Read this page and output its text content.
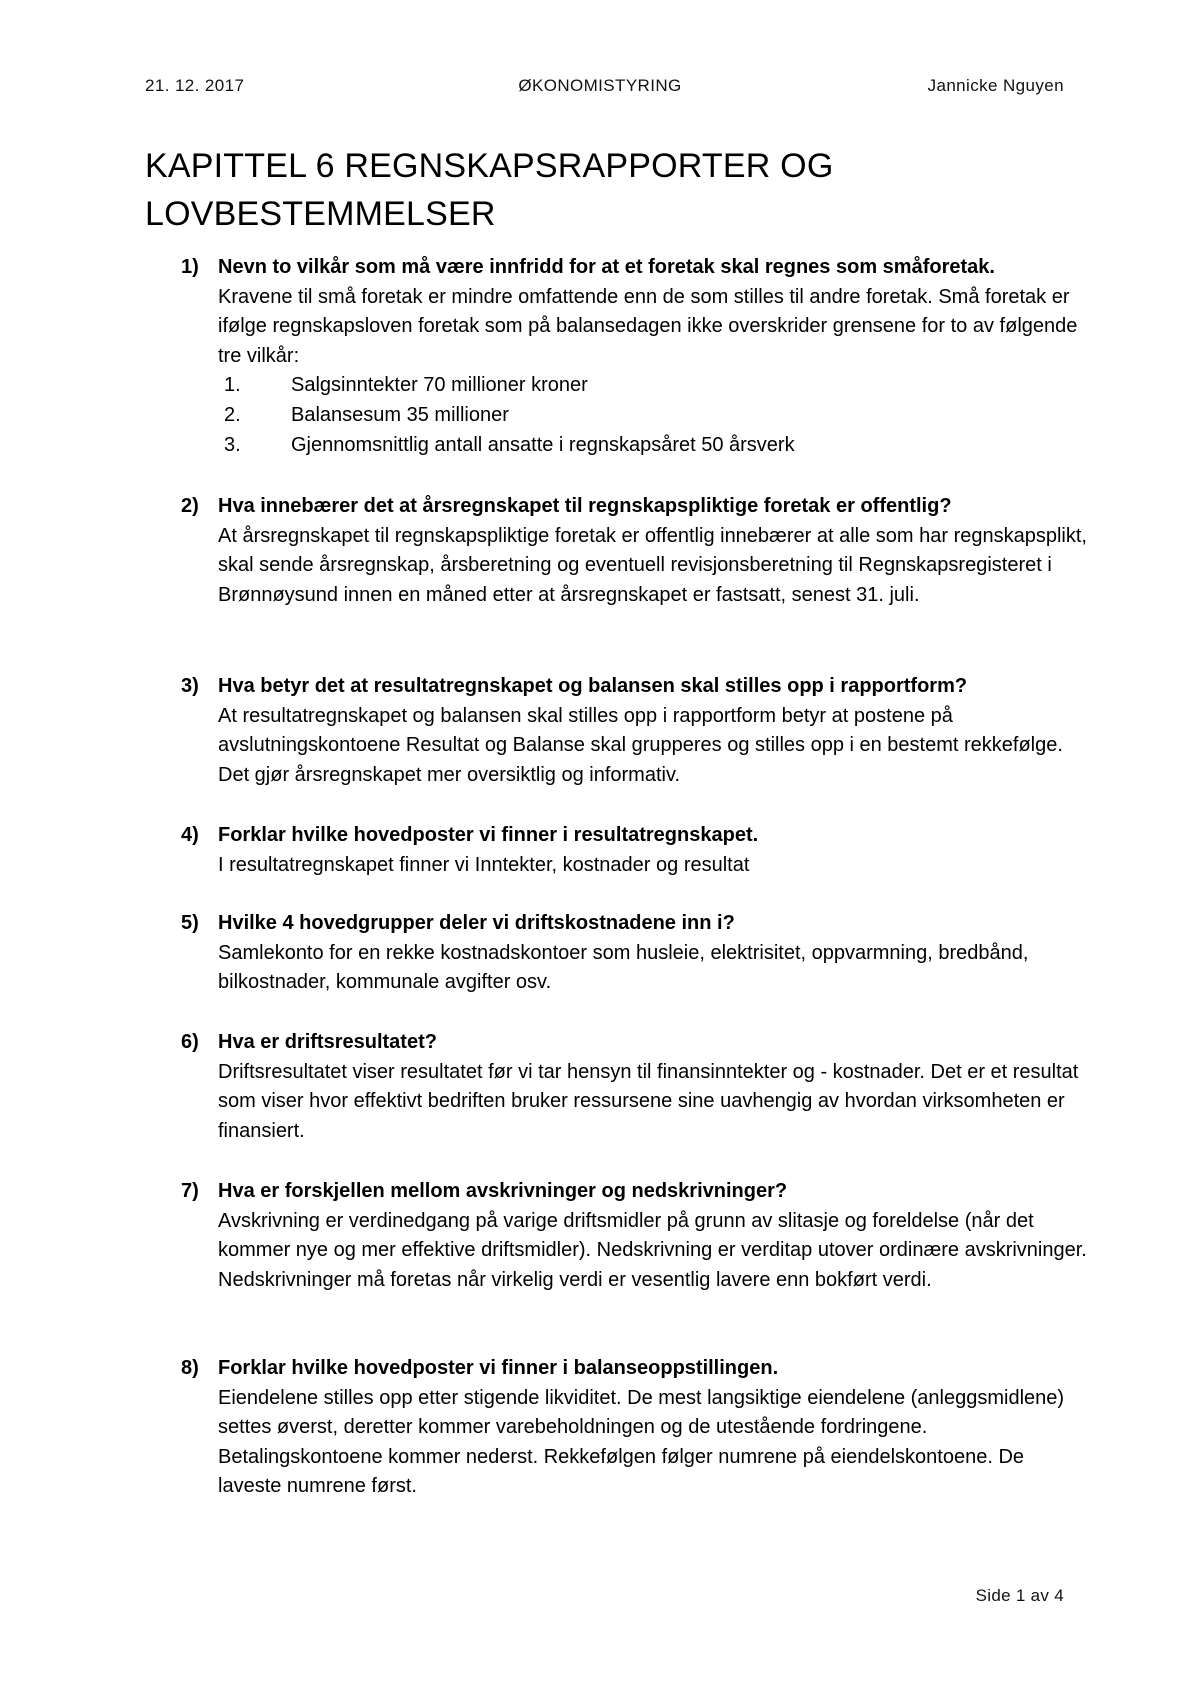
21. 12. 2017	ØKONOMISTYRING	Jannicke Nguyen
KAPITTEL 6 REGNSKAPSRAPPORTER OG
LOVBESTEMMELSER
1) Nevn to vilkår som må være innfridd for at et foretak skal regnes som småforetak.
Kravene til små foretak er mindre omfattende enn de som stilles til andre foretak. Små foretak er ifølge regnskapsloven foretak som på balansedagen ikke overskrider grensene for to av følgende tre vilkår:
1.	Salgsinntekter 70 millioner kroner
2.	Balansesum 35 millioner
3.	Gjennomsnittlig antall ansatte i regnskapsåret 50 årsverk
2) Hva innebærer det at årsregnskapet til regnskapspliktige foretak er offentlig?
At årsregnskapet til regnskapspliktige foretak er offentlig innebærer at alle som har regnskapsplikt, skal sende årsregnskap, årsberetning og eventuell revisjonsberetning til Regnskapsregisteret i Brønnøysund innen en måned etter at årsregnskapet er fastsatt, senest 31. juli.
3) Hva betyr det at resultatregnskapet og balansen skal stilles opp i rapportform?
At resultatregnskapet og balansen skal stilles opp i rapportform betyr at postene på avslutningskontoene Resultat og Balanse skal grupperes og stilles opp i en bestemt rekkefølge. Det gjør årsregnskapet mer oversiktlig og informativ.
4) Forklar hvilke hovedposter vi finner i resultatregnskapet.
I resultatregnskapet finner vi Inntekter, kostnader og resultat
5) Hvilke 4 hovedgrupper deler vi driftskostnadene inn i?
Samlekonto for en rekke kostnadskontoer som husleie, elektrisitet, oppvarmning, bredbånd, bilkostnader, kommunale avgifter osv.
6) Hva er driftsresultatet?
Driftsresultatet viser resultatet før vi tar hensyn til finansinntekter og - kostnader. Det er et resultat som viser hvor effektivt bedriften bruker ressursene sine uavhengig av hvordan virksomheten er finansiert.
7) Hva er forskjellen mellom avskrivninger og nedskrivninger?
Avskrivning er verdinedgang på varige driftsmidler på grunn av slitasje og foreldelse (når det kommer nye og mer effektive driftsmidler). Nedskrivning er verditap utover ordinære avskrivninger. Nedskrivninger må foretas når virkelig verdi er vesentlig lavere enn bokført verdi.
8) Forklar hvilke hovedposter vi finner i balanseoppstillingen.
Eiendelene stilles opp etter stigende likviditet. De mest langsiktige eiendelene (anleggsmidlene) settes øverst, deretter kommer varebeholdningen og de utestående fordringene. Betalingskontoene kommer nederst. Rekkefølgen følger numrene på eiendelskontoene. De laveste numrene først.
Side 1 av 4
